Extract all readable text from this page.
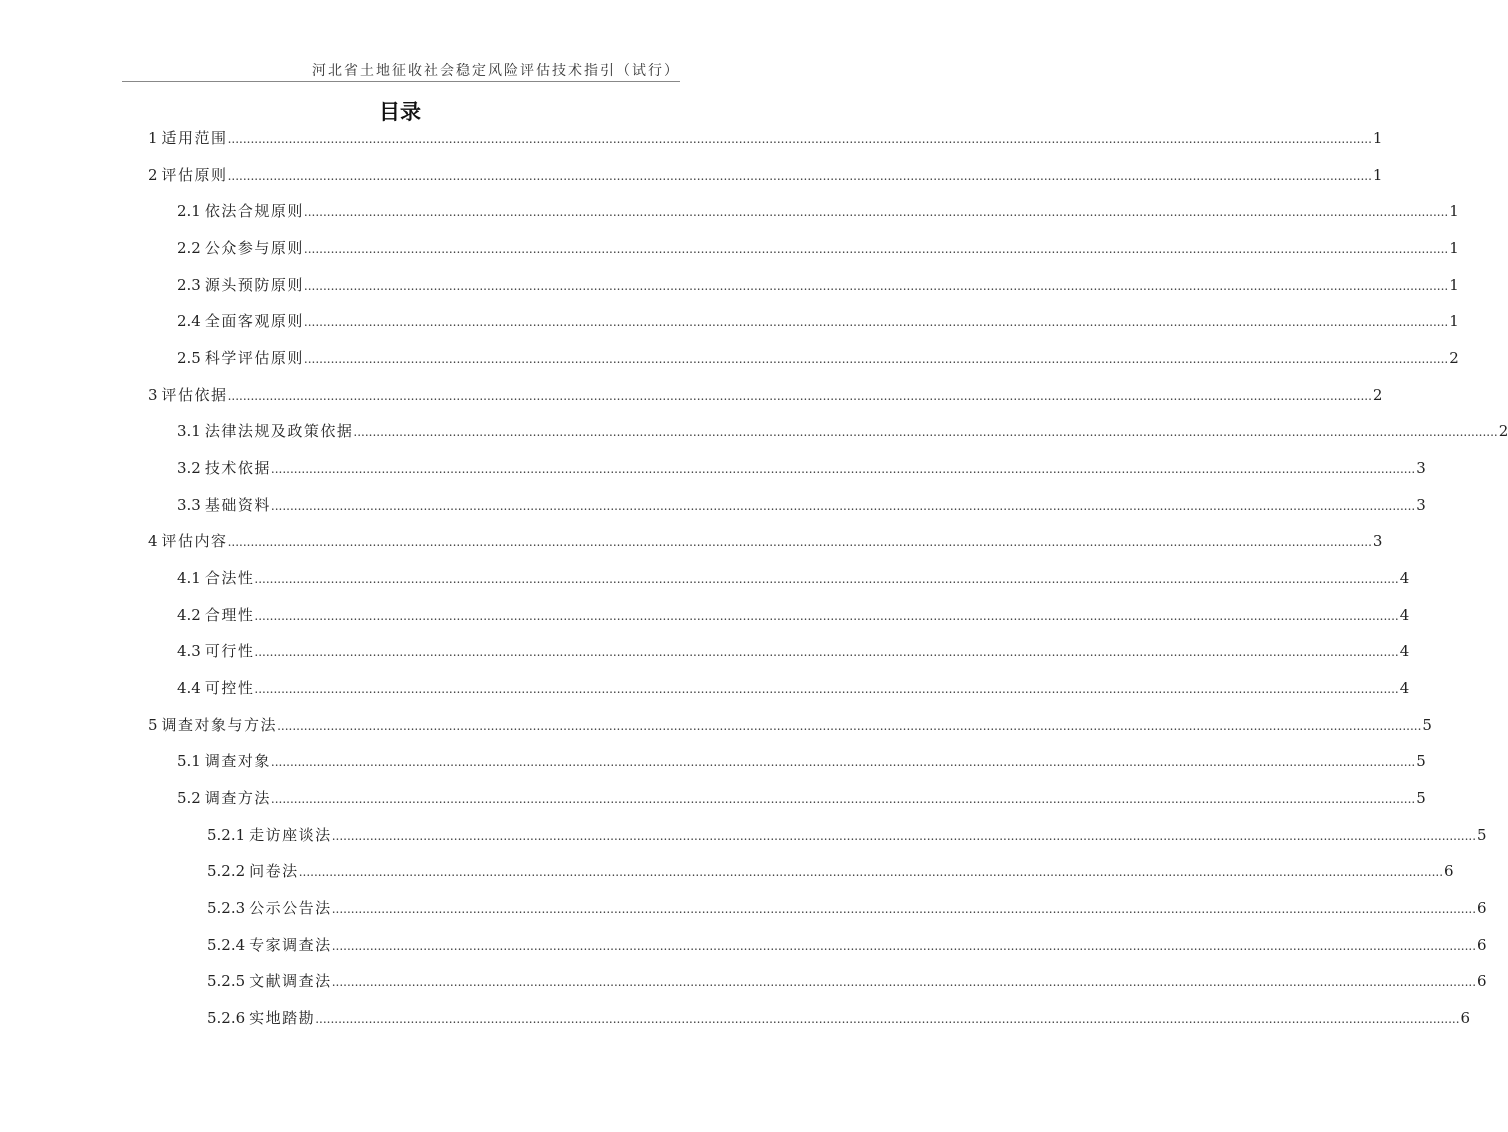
河北省土地征收社会稳定风险评估技术指引（试行）
目录
1 适用范围 ............................................................................................................................................................................................................................................................................................................ 1
2 评估原则 ............................................................................................................................................................................................................................................................................................................ 1
2.1 依法合规原则 ............................................................................................................................................................................................................................................................................................................ 1
2.2 公众参与原则 ............................................................................................................................................................................................................................................................................................................ 1
2.3 源头预防原则 ............................................................................................................................................................................................................................................................................................................ 1
2.4 全面客观原则 ............................................................................................................................................................................................................................................................................................................ 1
2.5 科学评估原则 ............................................................................................................................................................................................................................................................................................................ 2
3 评估依据 ............................................................................................................................................................................................................................................................................................................ 2
3.1 法律法规及政策依据 ............................................................................................................................................................................................................................................................................................................ 2
3.2 技术依据 ............................................................................................................................................................................................................................................................................................................ 3
3.3 基础资料 ............................................................................................................................................................................................................................................................................................................ 3
4 评估内容 ............................................................................................................................................................................................................................................................................................................ 3
4.1 合法性 ............................................................................................................................................................................................................................................................................................................ 4
4.2 合理性 ............................................................................................................................................................................................................................................................................................................ 4
4.3 可行性 ............................................................................................................................................................................................................................................................................................................ 4
4.4 可控性 ............................................................................................................................................................................................................................................................................................................ 4
5 调查对象与方法 ............................................................................................................................................................................................................................................................................................................ 5
5.1 调查对象 ............................................................................................................................................................................................................................................................................................................ 5
5.2 调查方法 ............................................................................................................................................................................................................................................................................................................ 5
5.2.1 走访座谈法 ............................................................................................................................................................................................................................................................................................................ 5
5.2.2 问卷法 ............................................................................................................................................................................................................................................................................................................ 6
5.2.3 公示公告法 ............................................................................................................................................................................................................................................................................................................ 6
5.2.4 专家调查法 ............................................................................................................................................................................................................................................................................................................ 6
5.2.5 文献调查法 ............................................................................................................................................................................................................................................................................................................ 6
5.2.6 实地踏勘 ............................................................................................................................................................................................................................................................................................................ 6
